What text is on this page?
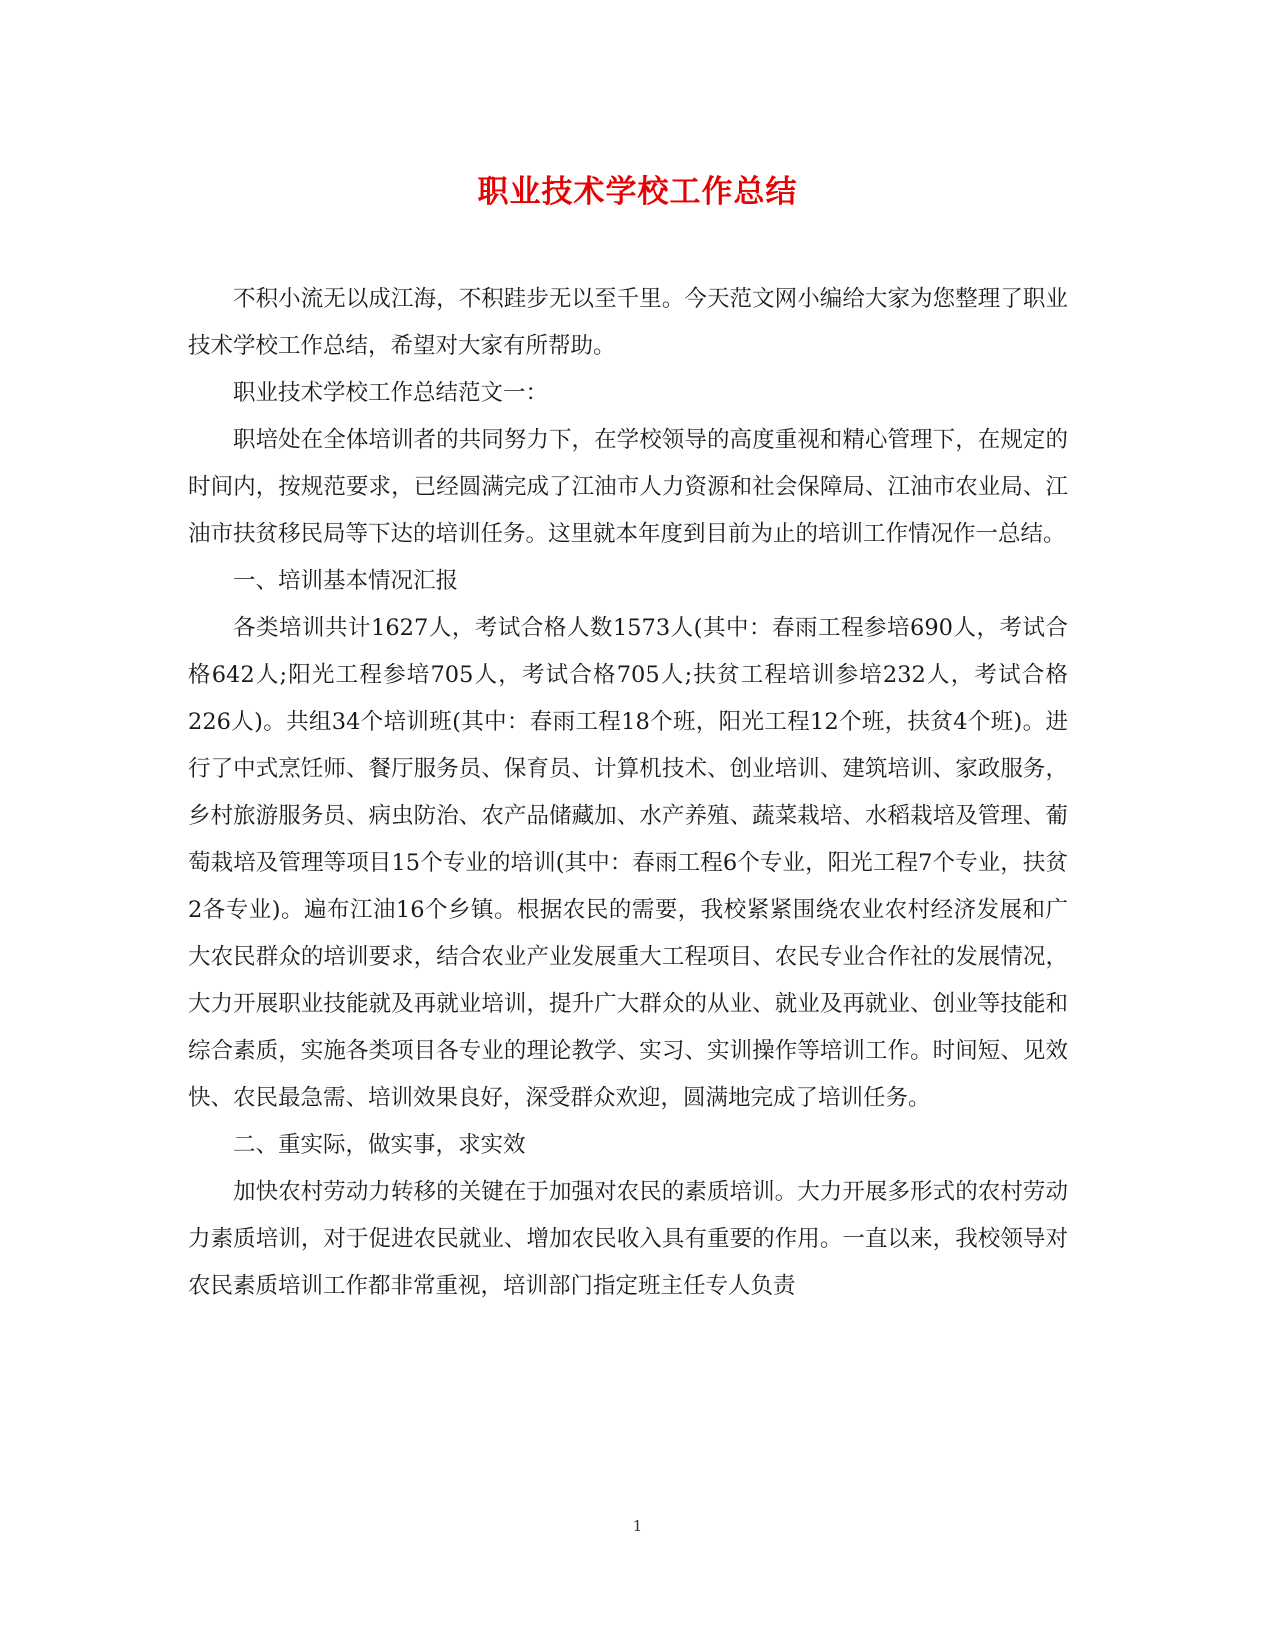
职业技术学校工作总结

不积小流无以成江海，不积跬步无以至千里。今天范文网小编给大家为您整理了职业技术学校工作总结，希望对大家有所帮助。

职业技术学校工作总结范文一：

职培处在全体培训者的共同努力下，在学校领导的高度重视和精心管理下，在规定的时间内，按规范要求，已经圆满完成了江油市人力资源和社会保障局、江油市农业局、江油市扶贫移民局等下达的培训任务。这里就本年度到目前为止的培训工作情况作一总结。

一、培训基本情况汇报

各类培训共计1627人，考试合格人数1573人(其中：春雨工程参培690人，考试合格642人;阳光工程参培705人，考试合格705人;扶贫工程培训参培232人，考试合格226人)。共组34个培训班(其中：春雨工程18个班，阳光工程12个班，扶贫4个班)。进行了中式烹饪师、餐厅服务员、保育员、计算机技术、创业培训、建筑培训、家政服务，乡村旅游服务员、病虫防治、农产品储藏加、水产养殖、蔬菜栽培、水稻栽培及管理、葡萄栽培及管理等项目15个专业的培训(其中：春雨工程6个专业，阳光工程7个专业，扶贫2各专业)。遍布江油16个乡镇。根据农民的需要，我校紧紧围绕农业农村经济发展和广大农民群众的培训要求，结合农业产业发展重大工程项目、农民专业合作社的发展情况，大力开展职业技能就及再就业培训，提升广大群众的从业、就业及再就业、创业等技能和综合素质，实施各类项目各专业的理论教学、实习、实训操作等培训工作。时间短、见效快、农民最急需、培训效果良好，深受群众欢迎，圆满地完成了培训任务。

二、重实际，做实事，求实效

加快农村劳动力转移的关键在于加强对农民的素质培训。大力开展多形式的农村劳动力素质培训，对于促进农民就业、增加农民收入具有重要的作用。一直以来，我校领导对农民素质培训工作都非常重视，培训部门指定班主任专人负责

1
